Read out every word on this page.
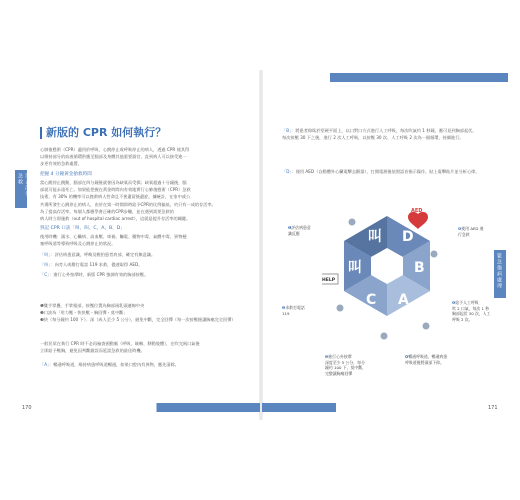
第五部分・急救
緊急傷病處理
新版的 CPR 如何執行？
心肺復甦術（CPR）適用於呼吸、心跳停止或呼吸停止的病人，透過 CPR 使其得
以維持部分的血液循環供應至腦部及身體其他重要器官，直到病人可以接受進一
步更有效的急救處置。
把握 4 分鐘黃金搶救時間
當心跳停止跳動，腦部在四分鐘後就會因為缺氧而受損；缺氧超過十分鐘後，腦
部就可能永遠死亡。如果能把握在黃金時間內有效地實行心肺復甦術（CPR）急救
技術，有 30% 的機率可以挽救病人性命且不會遺留後遺症。據統計，在家中或公
共場所發生心跳停止的病人，由於在第一時間即時給予CPR的比例偏低，約只有一成的存活率。
為了提高存活率，每個人都應學會正確的CPR步驟，並在遇到需要急救的
病人時立即施救（out of hospital cardiac arrest），這就是提升存活率的關鍵。
熟記 CPR 口訣「叫、叫、C、A、B、D」
使用時機：溺水、心臟病、高血壓、車禍、觸電、藥物中毒、氣體中毒、異物梗
塞呼吸道等導致呼吸及心跳停止的狀況。
「叫」：評估病患意識，呼喚及輕拍患者肩部，確定有無意識。
「叫」：向旁人或撥打電話 119 求救，儘速取得 AED。
「C」：進行心外按摩時，新版 CPR 強調有效的胸部按壓。
❶雙手掌疊，手掌根部，按壓位置為胸部兩乳頭連線中央
❷口訣為「用力壓・快快壓・胸回彈・莫中斷」
❸快（每分鐘約 100 下）、深（成人至少 5 公分），避免中斷，完全回彈（每一次按壓後讓胸廓完全回彈）
一般民眾在執行 CPR 時不必再檢查頸動脈（呼吸、咳嗽、移動肢體），在吹完兩口氣後
立即給予壓胸，避免因判斷錯誤而延誤急救的最佳時機。
「A」：暢通呼吸道，維持病患呼吸道暢通，如果口腔內有異物，應先清除。
170
「B」：將患者仰臥於堅硬平面上，以口對口方式進行人工呼吸，每次吹氣約 1 秒鐘，應可見到胸部起伏。
每次按壓 30 下之後，進行 2 次人工呼吸，以按壓 30 次、人工呼吸 2 次為一個循環，持續進行。
「D」：使用 AED（自動體外心臟電擊去顫器），打開電源後依照語音指示操作，貼上電擊貼片並分析心律。
叫 D
B
A
C
叫
AED
HELP
❶評估病患意
識反應
❷求救打電話
119
❸進行心外按摩
深度至少 5 公分，每分
鐘約 100 下，莫中斷，
完整讓胸廓回彈
❹暢通呼吸道，暢通病患
呼吸道後將頭部下仰。
❺給予人工呼吸
吹 2 口氣，每次 1 秒
胸部起伏 30 次，人工
呼吸 2 次。
❻使用 AED 進
行急救
171
